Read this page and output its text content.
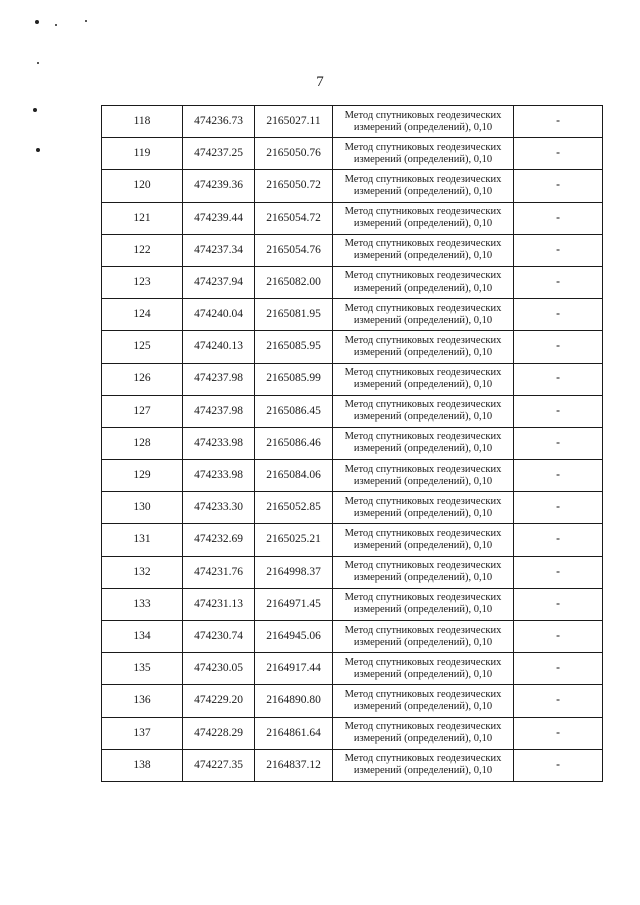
7
118	474236.73	2165027.11	Метод спутниковых геодезических
измерений (определений), 0,10	-
119	474237.25	2165050.76	Метод спутниковых геодезических
измерений (определений), 0,10	-
120	474239.36	2165050.72	Метод спутниковых геодезических
измерений (определений), 0,10	-
121	474239.44	2165054.72	Метод спутниковых геодезических
измерений (определений), 0,10	-
122	474237.34	2165054.76	Метод спутниковых геодезических
измерений (определений), 0,10	-
123	474237.94	2165082.00	Метод спутниковых геодезических
измерений (определений), 0,10	-
124	474240.04	2165081.95	Метод спутниковых геодезических
измерений (определений), 0,10	-
125	474240.13	2165085.95	Метод спутниковых геодезических
измерений (определений), 0,10	-
126	474237.98	2165085.99	Метод спутниковых геодезических
измерений (определений), 0,10	-
127	474237.98	2165086.45	Метод спутниковых геодезических
измерений (определений), 0,10	-
128	474233.98	2165086.46	Метод спутниковых геодезических
измерений (определений), 0,10	-
129	474233.98	2165084.06	Метод спутниковых геодезических
измерений (определений), 0,10	-
130	474233.30	2165052.85	Метод спутниковых геодезических
измерений (определений), 0,10	-
131	474232.69	2165025.21	Метод спутниковых геодезических
измерений (определений), 0,10	-
132	474231.76	2164998.37	Метод спутниковых геодезических
измерений (определений), 0,10	-
133	474231.13	2164971.45	Метод спутниковых геодезических
измерений (определений), 0,10	-
134	474230.74	2164945.06	Метод спутниковых геодезических
измерений (определений), 0,10	-
135	474230.05	2164917.44	Метод спутниковых геодезических
измерений (определений), 0,10	-
136	474229.20	2164890.80	Метод спутниковых геодезических
измерений (определений), 0,10	-
137	474228.29	2164861.64	Метод спутниковых геодезических
измерений (определений), 0,10	-
138	474227.35	2164837.12	Метод спутниковых геодезических
измерений (определений), 0,10	-
